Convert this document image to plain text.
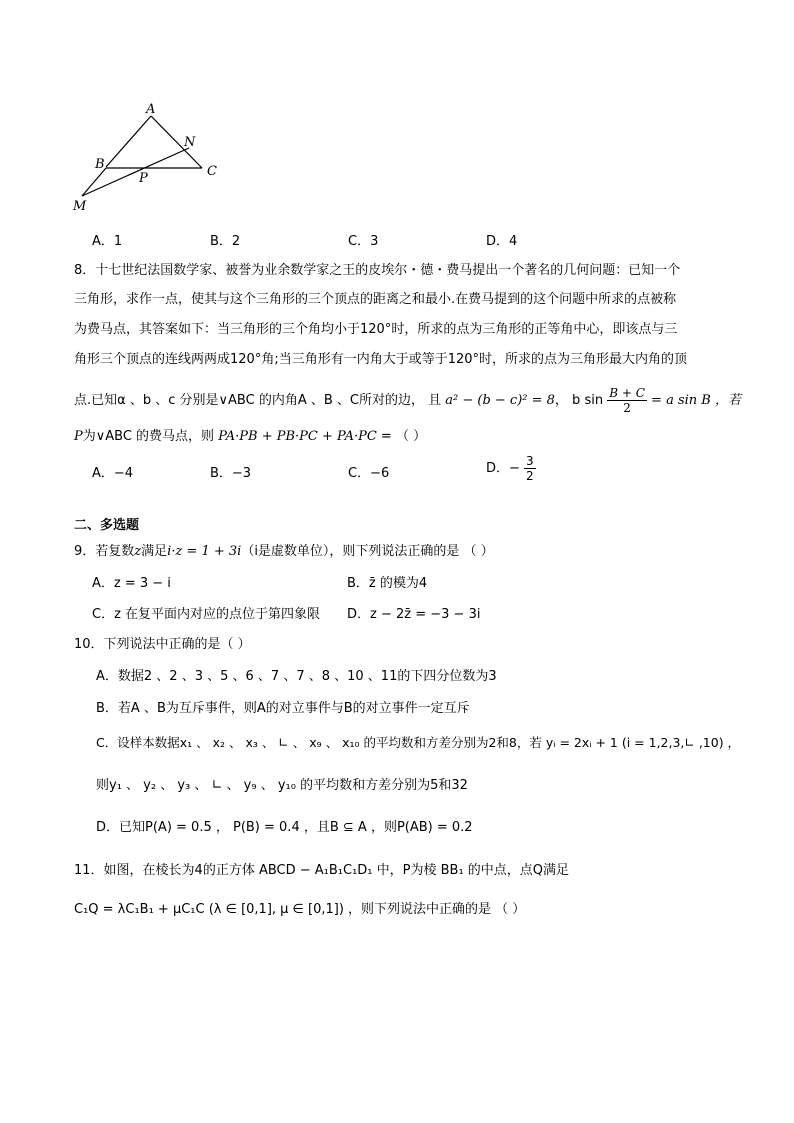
A
N
B
P	C
M
A．1	B．2	C．3	D．4
8．十七世纪法国数学家、被誉为业余数学家之王的皮埃尔・德・费马提出一个著名的几何问题：已知一个
三角形，求作一点，使其与这个三角形的三个顶点的距离之和最小.在费马提到的这个问题中所求的点被称
为费马点，其答案如下：当三角形的三个角均小于120°时，所求的点为三角形的正等角中心，即该点与三
角形三个顶点的连线两两成120°角;当三角形有一内角大于或等于120°时，所求的点为三角形最大内角的顶
点.已知α 、b 、c 分别是∨ABC 的内角A 、B 、C所对的边， 且 a² − (b − c)² = 8， b $\sin \frac{B + C}{2} = a$ sin B ，若
P为∨ABC 的费马点，则 PA·PB + PB·PC + PA·PC = （ ）
A．−4	B．−3	C．−6	D．− $\frac{3}{2}$
二、多选题
9．若复数z满足i·z = 1 + 3i（i是虚数单位），则下列说法正确的是 （ ）
A．z = 3 − i	B．z̄ 的模为4
C．z 在复平面内对应的点位于第四象限 D．z − 2z̄ = −3 − 3i
10．下列说法中正确的是（ ）
A．数据2 、2 、3 、5 、6 、7 、7 、8 、10 、11的下四分位数为3
B．若A 、B为互斥事件，则A的对立事件与B的对立事件一定互斥
C．设样本数据x₁ 、 x₂ 、 x₃ 、 ∟ 、 x₉ 、 x₁₀ 的平均数和方差分别为2和8，若 yᵢ = 2xᵢ + 1 (i = 1,2,3,∟ ,10) ，
则y₁ 、 y₂ 、 y₃ 、 ∟ 、 y₉ 、 y₁₀ 的平均数和方差分别为5和32
D．已知P(A) = 0.5 ， P(B) = 0.4 ，且B ⊆ A ，则P(AB) = 0.2
11．如图，在棱长为4的正方体 ABCD − A₁B₁C₁D₁ 中，P为棱 BB₁ 的中点，点Q满足
C₁Q = λC₁B₁ + μC₁C (λ ∈ [0,1], μ ∈ [0,1]) ，则下列说法中正确的是 （ ）
